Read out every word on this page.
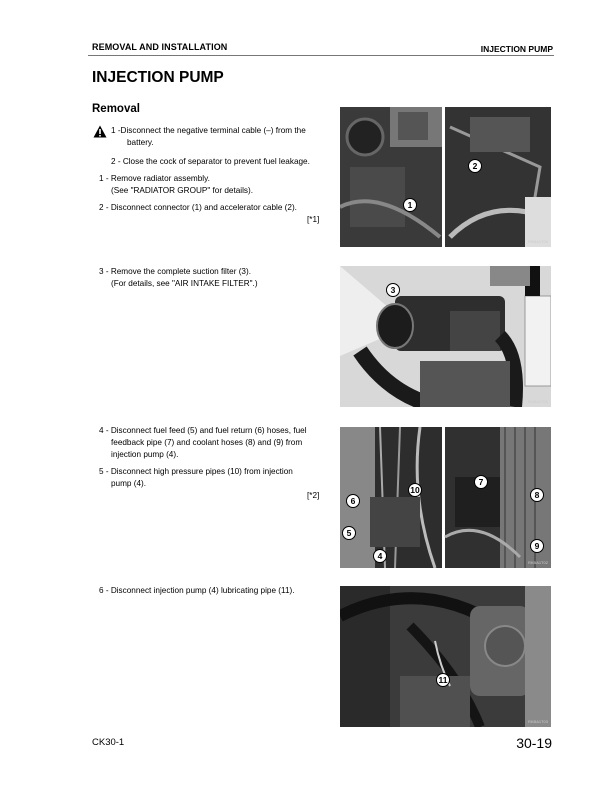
REMOVAL AND INSTALLATION	INJECTION PUMP
INJECTION PUMP
Removal
1 -Disconnect the negative terminal cable (–) from the
battery.
2 - Close the cock of separator to prevent fuel leakage.
1 - Remove radiator assembly.
(See "RADIATOR GROUP" for details).
2 - Disconnect connector (1) and accelerator cable (2).
[*1]
3 - Remove the complete suction filter (3).
(For details, see "AIR INTAKE FILTER".)
4 - Disconnect fuel feed (5) and fuel return (6) hoses, fuel
feedback pipe (7) and coolant hoses (8) and (9) from
injection pump (4).
5 - Disconnect high pressure pipes (10) from injection
pump (4).
[*2]
6 - Disconnect injection pump (4) lubricating pipe (11).
1
2
RKBA1T00
3
RKBA1T01
7
10	8
6
5
9
4
RKBA1T02
11
RKBA1T03
CK30-1	30-19
